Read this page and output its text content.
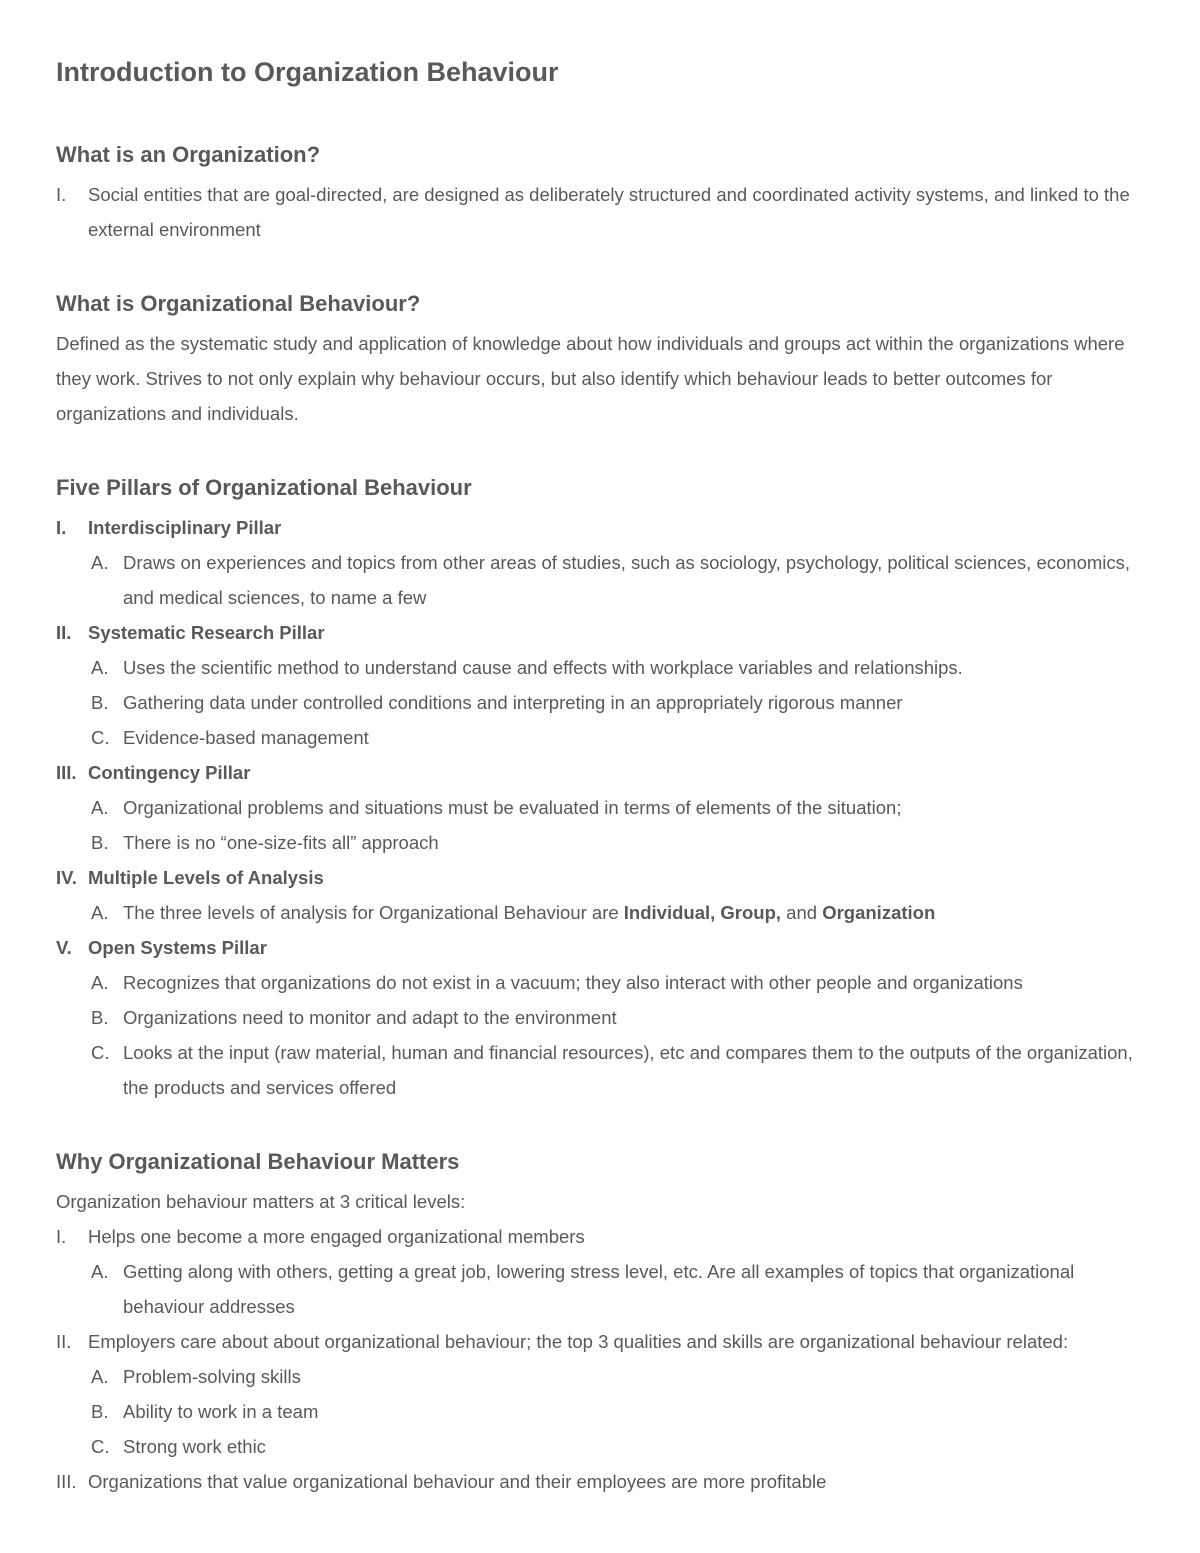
Introduction to Organization Behaviour
What is an Organization?
I.	Social entities that are goal-directed, are designed as deliberately structured and coordinated activity systems, and linked to the external environment
What is Organizational Behaviour?
Defined as the systematic study and application of knowledge about how individuals and groups act within the organizations where they work. Strives to not only explain why behaviour occurs, but also identify which behaviour leads to better outcomes for organizations and individuals.
Five Pillars of Organizational Behaviour
I.	Interdisciplinary Pillar
A. Draws on experiences and topics from other areas of studies, such as sociology, psychology, political sciences, economics, and medical sciences, to name a few
II. Systematic Research Pillar
A. Uses the scientific method to understand cause and effects with workplace variables and relationships.
B. Gathering data under controlled conditions and interpreting in an appropriately rigorous manner
C. Evidence-based management
III. Contingency Pillar
A. Organizational problems and situations must be evaluated in terms of elements of the situation;
B. There is no “one-size-fits all” approach
IV. Multiple Levels of Analysis
A. The three levels of analysis for Organizational Behaviour are Individual, Group, and Organization
V. Open Systems Pillar
A. Recognizes that organizations do not exist in a vacuum; they also interact with other people and organizations
B. Organizations need to monitor and adapt to the environment
C. Looks at the input (raw material, human and financial resources), etc and compares them to the outputs of the organization, the products and services offered
Why Organizational Behaviour Matters
Organization behaviour matters at 3 critical levels:
I.	Helps one become a more engaged organizational members
A. Getting along with others, getting a great job, lowering stress level, etc. Are all examples of topics that organizational behaviour addresses
II. Employers care about about organizational behaviour; the top 3 qualities and skills are organizational behaviour related:
A. Problem-solving skills
B. Ability to work in a team
C. Strong work ethic
III. Organizations that value organizational behaviour and their employees are more profitable
